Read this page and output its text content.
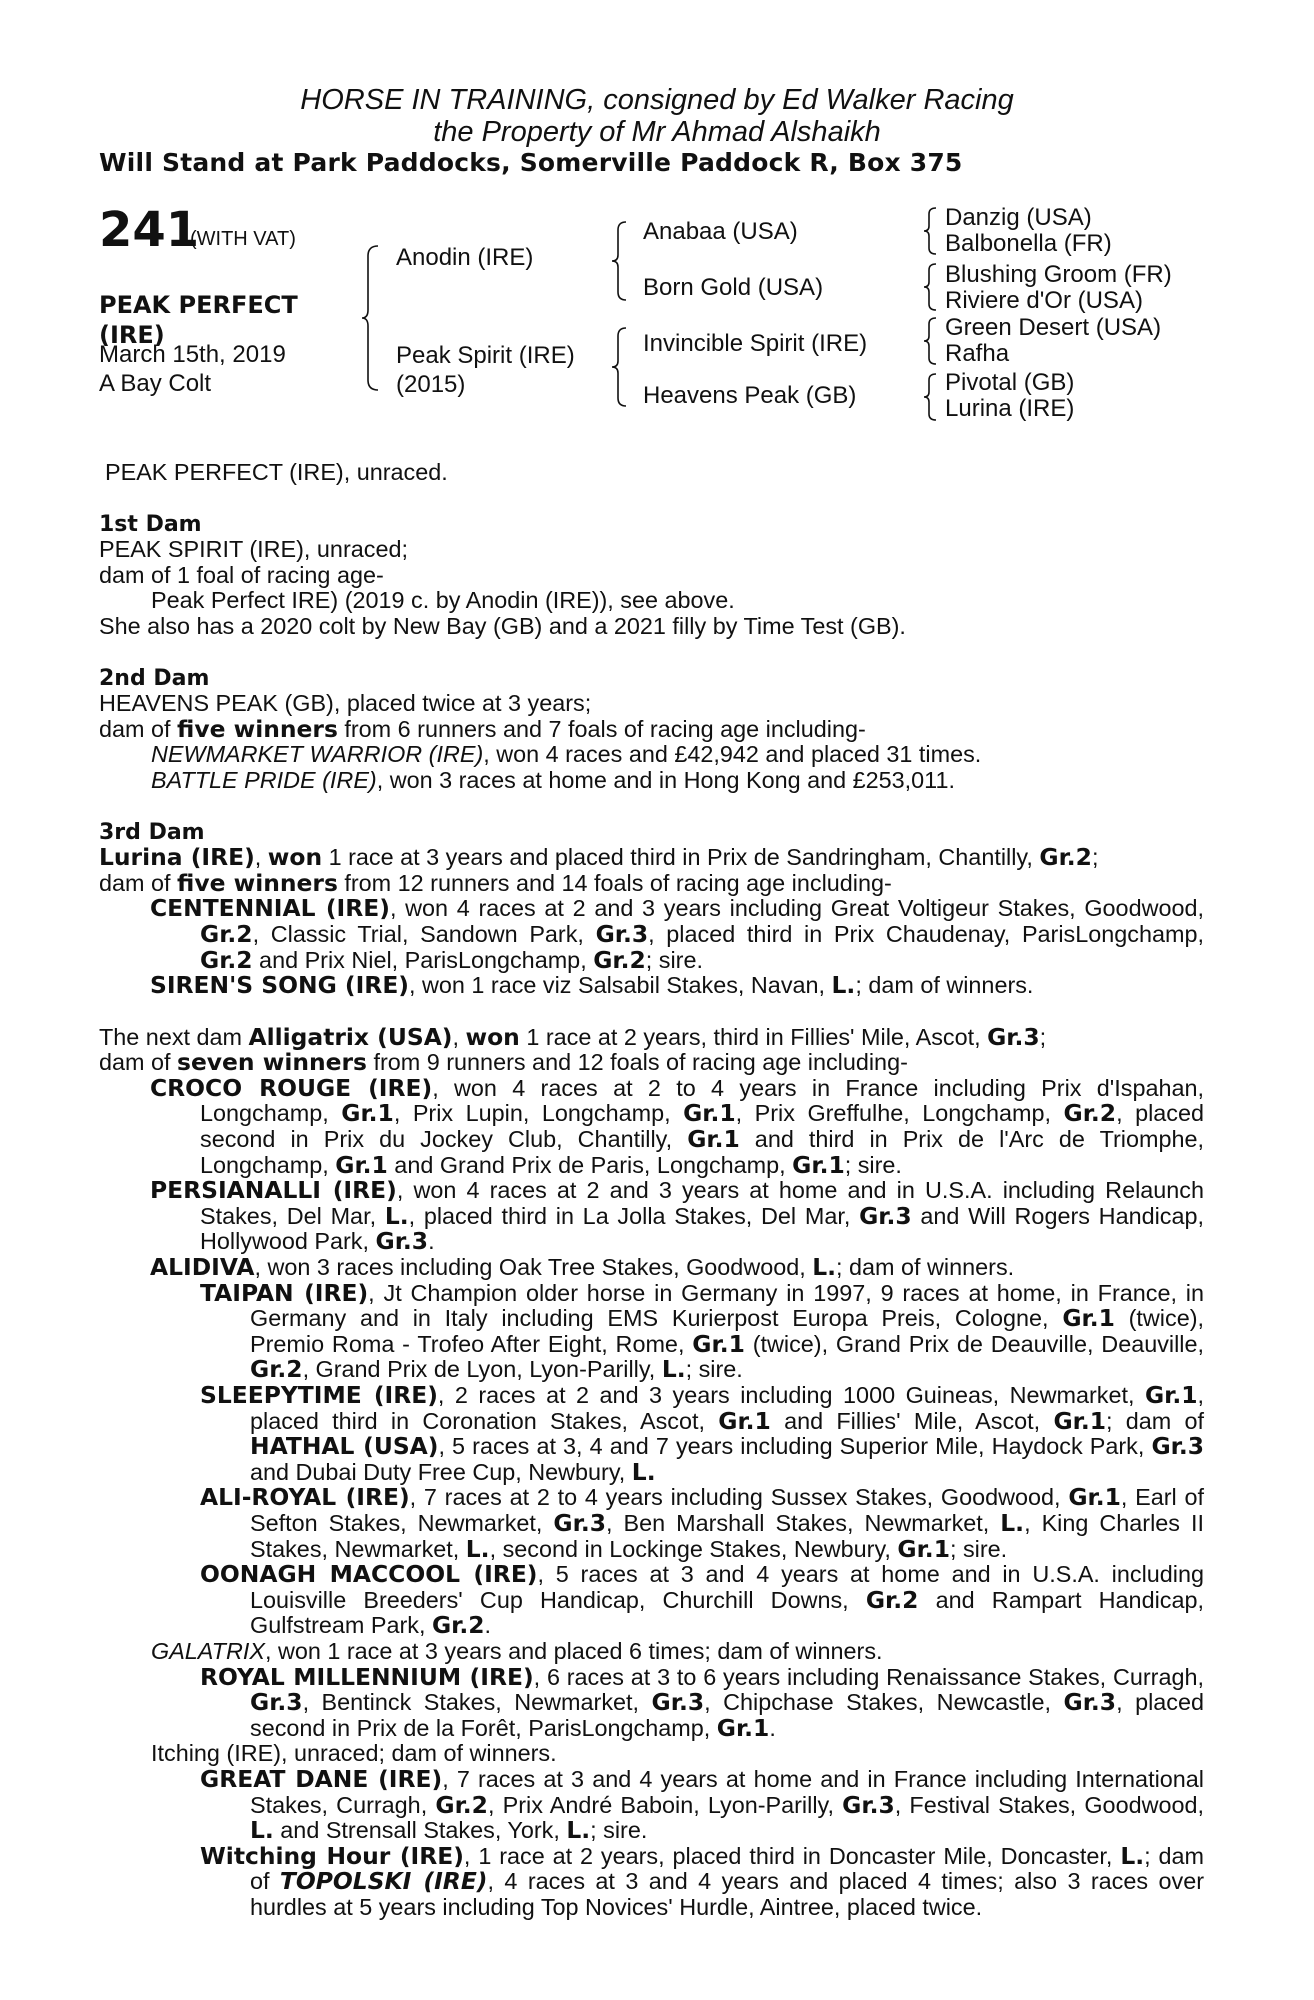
HORSE IN TRAINING, consigned by Ed Walker Racing
the Property of Mr Ahmad Alshaikh
Will Stand at Park Paddocks, Somerville Paddock R, Box 375
241
(WITH VAT)
PEAK PERFECT
(IRE)
March 15th, 2019
A Bay Colt
Anodin (IRE)
Peak Spirit (IRE)
(2015)
Anabaa (USA)
Born Gold (USA)
Invincible Spirit (IRE)
Heavens Peak (GB)
Danzig (USA)
Balbonella (FR)
Blushing Groom (FR)
Riviere d'Or (USA)
Green Desert (USA)
Rafha
Pivotal (GB)
Lurina (IRE)

PEAK PERFECT (IRE), unraced.

1st Dam

PEAK SPIRIT (IRE), unraced;

dam of 1 foal of racing age-

Peak Perfect IRE) (2019 c. by Anodin (IRE)), see above.

She also has a 2020 colt by New Bay (GB) and a 2021 filly by Time Test (GB).

2nd Dam

HEAVENS PEAK (GB), placed twice at 3 years;

dam of five winners from 6 runners and 7 foals of racing age including-

NEWMARKET WARRIOR (IRE), won 4 races and £42,942 and placed 31 times.

BATTLE PRIDE (IRE), won 3 races at home and in Hong Kong and £253,011.

3rd Dam

Lurina (IRE), won 1 race at 3 years and placed third in Prix de Sandringham, Chantilly, Gr.2;

dam of five winners from 12 runners and 14 foals of racing age including-

CENTENNIAL (IRE), won 4 races at 2 and 3 years including Great Voltigeur Stakes, Goodwood, Gr.2, Classic Trial, Sandown Park, Gr.3, placed third in Prix Chaudenay, ParisLongchamp, Gr.2 and Prix Niel, ParisLongchamp, Gr.2; sire.

SIREN'S SONG (IRE), won 1 race viz Salsabil Stakes, Navan, L.; dam of winners.

The next dam Alligatrix (USA), won 1 race at 2 years, third in Fillies' Mile, Ascot, Gr.3;

dam of seven winners from 9 runners and 12 foals of racing age including-

CROCO ROUGE (IRE), won 4 races at 2 to 4 years in France including Prix d'Ispahan, Longchamp, Gr.1, Prix Lupin, Longchamp, Gr.1, Prix Greffulhe, Longchamp, Gr.2, placed second in Prix du Jockey Club, Chantilly, Gr.1 and third in Prix de l'Arc de Triomphe, Longchamp, Gr.1 and Grand Prix de Paris, Longchamp, Gr.1; sire.

PERSIANALLI (IRE), won 4 races at 2 and 3 years at home and in U.S.A. including Relaunch Stakes, Del Mar, L., placed third in La Jolla Stakes, Del Mar, Gr.3 and Will Rogers Handicap, Hollywood Park, Gr.3.

ALIDIVA, won 3 races including Oak Tree Stakes, Goodwood, L.; dam of winners.

TAIPAN (IRE), Jt Champion older horse in Germany in 1997, 9 races at home, in France, in Germany and in Italy including EMS Kurierpost Europa Preis, Cologne, Gr.1 (twice), Premio Roma - Trofeo After Eight, Rome, Gr.1 (twice), Grand Prix de Deauville, Deauville, Gr.2, Grand Prix de Lyon, Lyon-Parilly, L.; sire.

SLEEPYTIME (IRE), 2 races at 2 and 3 years including 1000 Guineas, Newmarket, Gr.1, placed third in Coronation Stakes, Ascot, Gr.1 and Fillies' Mile, Ascot, Gr.1; dam of HATHAL (USA), 5 races at 3, 4 and 7 years including Superior Mile, Haydock Park, Gr.3 and Dubai Duty Free Cup, Newbury, L.

ALI-ROYAL (IRE), 7 races at 2 to 4 years including Sussex Stakes, Goodwood, Gr.1, Earl of Sefton Stakes, Newmarket, Gr.3, Ben Marshall Stakes, Newmarket, L., King Charles II Stakes, Newmarket, L., second in Lockinge Stakes, Newbury, Gr.1; sire.

OONAGH MACCOOL (IRE), 5 races at 3 and 4 years at home and in U.S.A. including Louisville Breeders' Cup Handicap, Churchill Downs, Gr.2 and Rampart Handicap, Gulfstream Park, Gr.2.

GALATRIX, won 1 race at 3 years and placed 6 times; dam of winners.

ROYAL MILLENNIUM (IRE), 6 races at 3 to 6 years including Renaissance Stakes, Curragh, Gr.3, Bentinck Stakes, Newmarket, Gr.3, Chipchase Stakes, Newcastle, Gr.3, placed second in Prix de la Forêt, ParisLongchamp, Gr.1.

Itching (IRE), unraced; dam of winners.

GREAT DANE (IRE), 7 races at 3 and 4 years at home and in France including International Stakes, Curragh, Gr.2, Prix André Baboin, Lyon-Parilly, Gr.3, Festival Stakes, Goodwood, L. and Strensall Stakes, York, L.; sire.

Witching Hour (IRE), 1 race at 2 years, placed third in Doncaster Mile, Doncaster, L.; dam of TOPOLSKI (IRE), 4 races at 3 and 4 years and placed 4 times; also 3 races over hurdles at 5 years including Top Novices' Hurdle, Aintree, placed twice.
